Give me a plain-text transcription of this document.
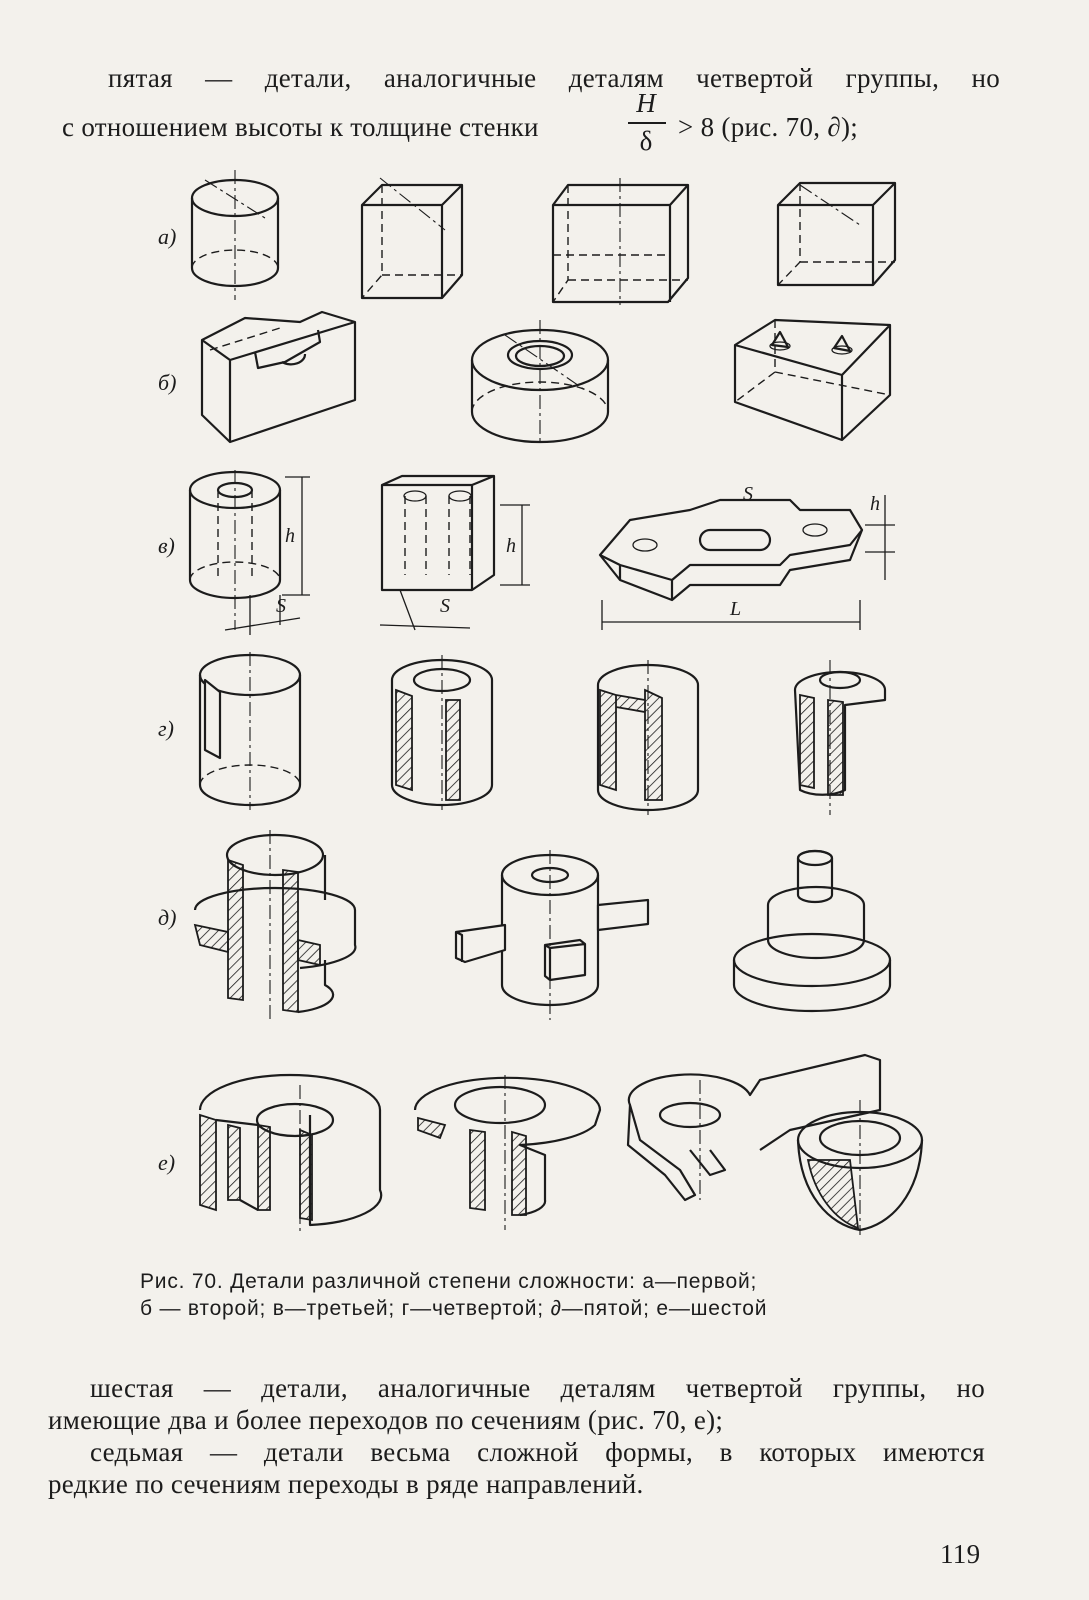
пятая — детали, аналогичные деталям четвертой группы, но
с отношением высоты к толщине стенки
H
δ > 8 (рис. 70, ∂);
а)
б)
в)
г)
д)
е)
h
S
h
S	L
h
S
Рис. 70. Детали различной степени сложности: а—первой;
б — второй; в—третьей; г—четвертой; ∂—пятой; е—шестой
шестая — детали, аналогичные деталям четвертой группы, но
имеющие два и более переходов по сечениям (рис. 70, е);
седьмая — детали весьма сложной формы, в которых имеются
редкие по сечениям переходы в ряде направлений.
119
